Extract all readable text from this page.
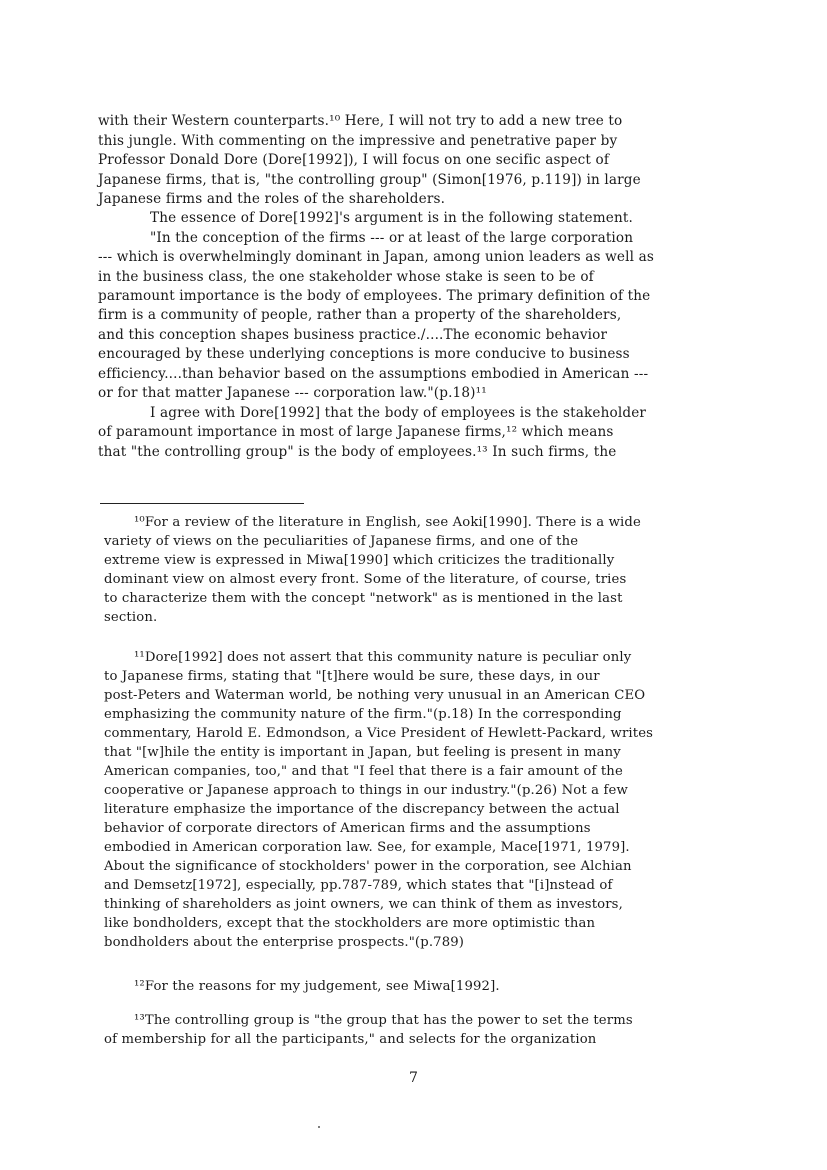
with their Western counterparts.¹⁰ Here, I will not try to add a new tree to
this jungle. With commenting on the impressive and penetrative paper by
Professor Donald Dore (Dore[1992]), I will focus on one secific aspect of
Japanese firms, that is, "the controlling group" (Simon[1976, p.119]) in large
Japanese firms and the roles of the shareholders.
The essence of Dore[1992]'s argument is in the following statement.
"In the conception of the firms --- or at least of the large corporation
--- which is overwhelmingly dominant in Japan, among union leaders as well as
in the business class, the one stakeholder whose stake is seen to be of
paramount importance is the body of employees. The primary definition of the
firm is a community of people, rather than a property of the shareholders,
and this conception shapes business practice./....The economic behavior
encouraged by these underlying conceptions is more conducive to business
efficiency....than behavior based on the assumptions embodied in American ---
or for that matter Japanese --- corporation law."(p.18)¹¹
I agree with Dore[1992] that the body of employees is the stakeholder
of paramount importance in most of large Japanese firms,¹² which means
that "the controlling group" is the body of employees.¹³ In such firms, the
¹⁰For a review of the literature in English, see Aoki[1990]. There is a wide
variety of views on the peculiarities of Japanese firms, and one of the
extreme view is expressed in Miwa[1990] which criticizes the traditionally
dominant view on almost every front. Some of the literature, of course, tries
to characterize them with the concept "network" as is mentioned in the last
section.
¹¹Dore[1992] does not assert that this community nature is peculiar only
to Japanese firms, stating that "[t]here would be sure, these days, in our
post-Peters and Waterman world, be nothing very unusual in an American CEO
emphasizing the community nature of the firm."(p.18) In the corresponding
commentary, Harold E. Edmondson, a Vice President of Hewlett-Packard, writes
that "[w]hile the entity is important in Japan, but feeling is present in many
American companies, too," and that "I feel that there is a fair amount of the
cooperative or Japanese approach to things in our industry."(p.26) Not a few
literature emphasize the importance of the discrepancy between the actual
behavior of corporate directors of American firms and the assumptions
embodied in American corporation law. See, for example, Mace[1971, 1979].
About the significance of stockholders' power in the corporation, see Alchian
and Demsetz[1972], especially, pp.787-789, which states that "[i]nstead of
thinking of shareholders as joint owners, we can think of them as investors,
like bondholders, except that the stockholders are more optimistic than
bondholders about the enterprise prospects."(p.789)
¹²For the reasons for my judgement, see Miwa[1992].
¹³The controlling group is "the group that has the power to set the terms
of membership for all the participants," and selects for the organization
7
